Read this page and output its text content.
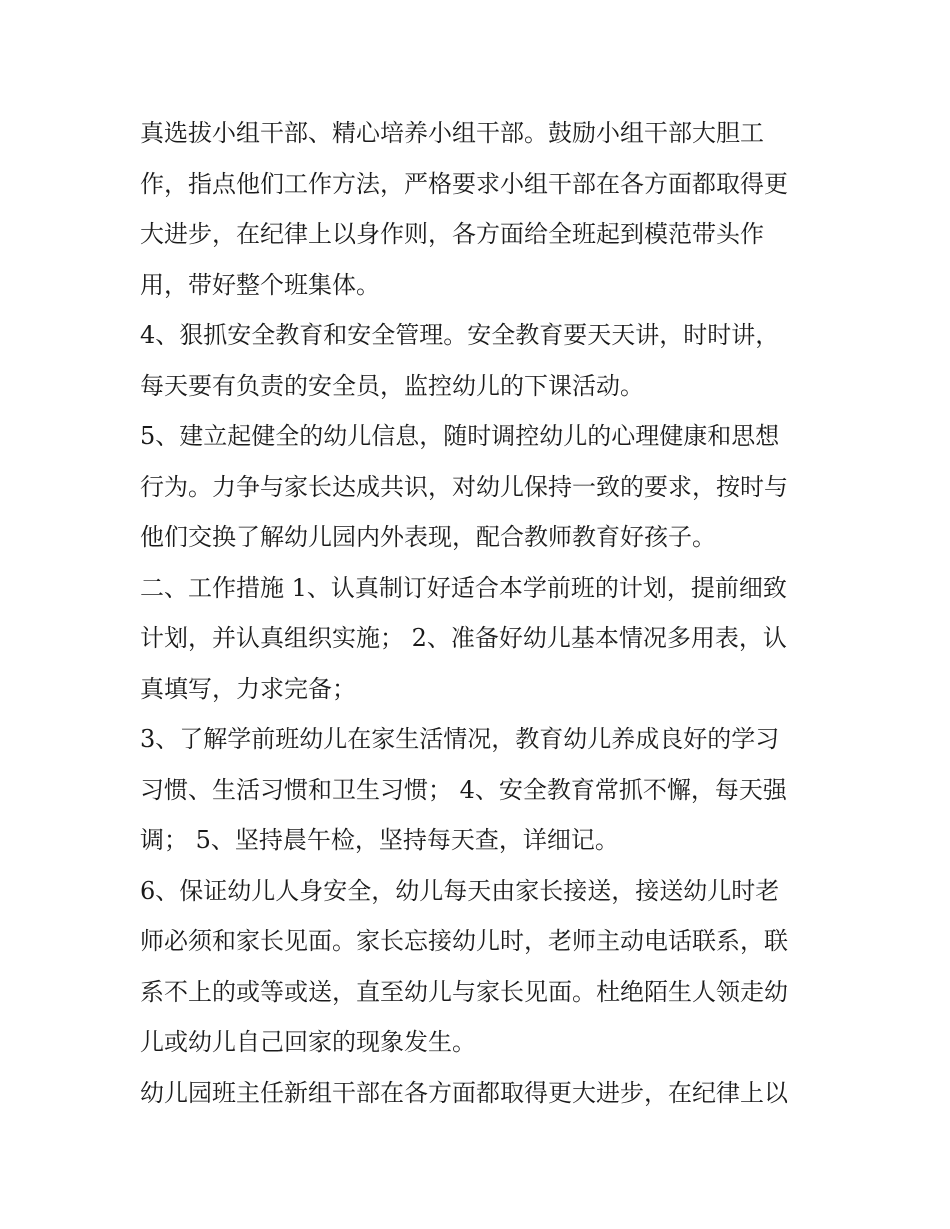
真选拔小组干部、精心培养小组干部。鼓励小组干部大胆工
作，指点他们工作方法，严格要求小组干部在各方面都取得更
大进步，在纪律上以身作则，各方面给全班起到模范带头作
用，带好整个班集体。
4、狠抓安全教育和安全管理。安全教育要天天讲，时时讲，
每天要有负责的安全员，监控幼儿的下课活动。
5、建立起健全的幼儿信息，随时调控幼儿的心理健康和思想
行为。力争与家长达成共识，对幼儿保持一致的要求，按时与
他们交换了解幼儿园内外表现，配合教师教育好孩子。
二、工作措施 1、认真制订好适合本学前班的计划，提前细致
计划，并认真组织实施； 2、准备好幼儿基本情况多用表，认
真填写，力求完备；
3、了解学前班幼儿在家生活情况，教育幼儿养成良好的学习
习惯、生活习惯和卫生习惯； 4、安全教育常抓不懈，每天强
调； 5、坚持晨午检，坚持每天查，详细记。
6、保证幼儿人身安全，幼儿每天由家长接送，接送幼儿时老
师必须和家长见面。家长忘接幼儿时，老师主动电话联系，联
系不上的或等或送，直至幼儿与家长见面。杜绝陌生人领走幼
儿或幼儿自己回家的现象发生。
幼儿园班主任新组干部在各方面都取得更大进步，在纪律上以
